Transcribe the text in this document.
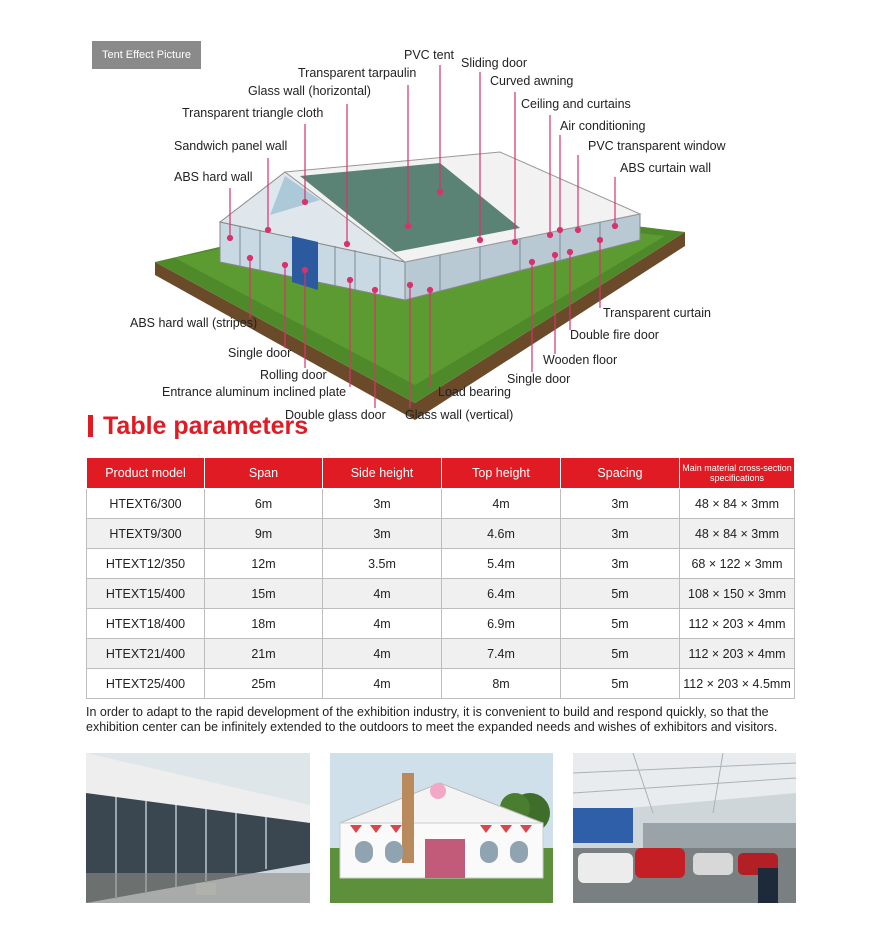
Tent Effect Picture	PVC tent
Sliding door
Transparent tarpaulin
Curved awning
Glass wall (horizontal)
Ceiling and curtains
Transparent triangle cloth
Air conditioning
Sandwich panel wall	PVC transparent window
ABS curtain wall
ABS hard wall
Transparent curtain
ABS hard wall (stripes)
Double fire door
Single door	Wooden floor
Rolling door	Single door
Entrance aluminum inclined plate	Load bearing
Double glass door Glass wall (vertical)
Table parameters
Product model	Span	Side height	Top height	Spacing	Main material cross-section specifications
HTEXT6/300	6m	3m	4m	3m	48 × 84 × 3mm
HTEXT9/300	9m	3m	4.6m	3m	48 × 84 × 3mm
HTEXT12/350	12m	3.5m	5.4m	3m	68 × 122 × 3mm
HTEXT15/400	15m	4m	6.4m	5m	108 × 150 × 3mm
HTEXT18/400	18m	4m	6.9m	5m	112 × 203 × 4mm
HTEXT21/400	21m	4m	7.4m	5m	112 × 203 × 4mm
HTEXT25/400	25m	4m	8m	5m	112 × 203 × 4.5mm
In order to adapt to the rapid development of the exhibition industry, it is convenient to build and respond quickly, so that the exhibition center can be infinitely extended to the outdoors to meet the expanded needs and wishes of exhibitors and visitors.
